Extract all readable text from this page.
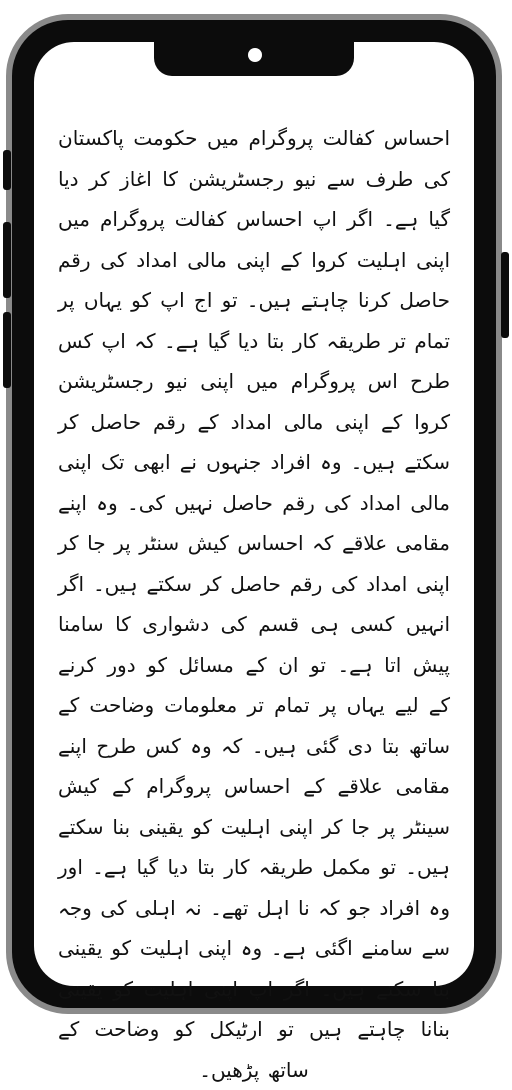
احساس کفالت پروگرام میں حکومت پاکستان کی طرف سے نیو رجسٹریشن کا اغاز کر دیا گیا ہے۔ اگر اپ احساس کفالت پروگرام میں اپنی اہلیت کروا کے اپنی مالی امداد کی رقم حاصل کرنا چاہتے ہیں۔ تو اج اپ کو یہاں پر تمام تر طریقہ کار بتا دیا گیا ہے۔ کہ اپ کس طرح اس پروگرام میں اپنی نیو رجسٹریشن کروا کے اپنی مالی امداد کے رقم حاصل کر سکتے ہیں۔ وہ افراد جنہوں نے ابھی تک اپنی مالی امداد کی رقم حاصل نہیں کی۔ وہ اپنے مقامی علاقے کہ احساس کیش سنٹر پر جا کر اپنی امداد کی رقم حاصل کر سکتے ہیں۔ اگر انہیں کسی ہی قسم کی دشواری کا سامنا پیش اتا ہے۔ تو ان کے مسائل کو دور کرنے کے لیے یہاں پر تمام تر معلومات وضاحت کے ساتھ بتا دی گئی ہیں۔ کہ وہ کس طرح اپنے مقامی علاقے کے احساس پروگرام کے کیش سینٹر پر جا کر اپنی اہلیت کو یقینی بنا سکتے ہیں۔ تو مکمل طریقہ کار بتا دیا گیا ہے۔ اور وہ افراد جو کہ نا اہل تھے۔ نہ اہلی کی وجہ سے سامنے اگئی ہے۔ وہ اپنی اہلیت کو یقینی بنا سکتے ہیں۔ اگر اپ اپنی اہلیت کو یقینی بنانا چاہتے ہیں تو ارٹیکل کو وضاحت کے ساتھ پڑھیں۔
